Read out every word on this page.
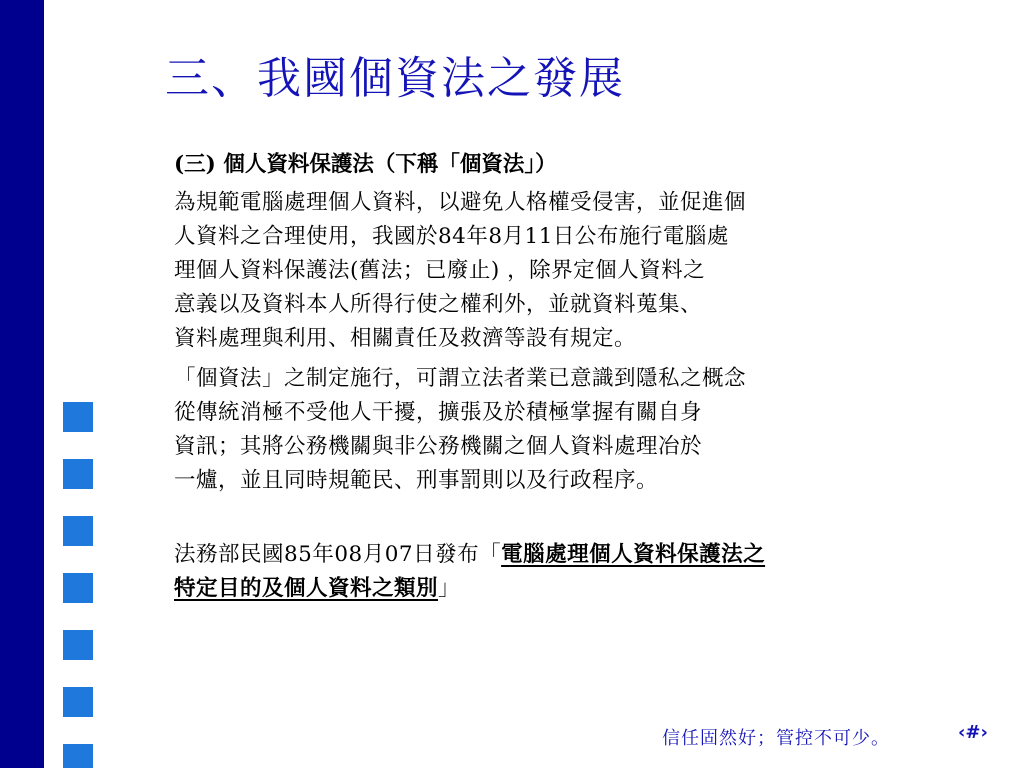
三、我國個資法之發展

(三) 個人資料保護法（下稱「個資法」）

為規範電腦處理個人資料，以避免人格權受侵害，並促進個
人資料之合理使用，我國於84年8月11日公布施行電腦處
理個人資料保護法(舊法；已廢止) ，除界定個人資料之
意義以及資料本人所得行使之權利外，並就資料蒐集、
資料處理與利用、相關責任及救濟等設有規定。

「個資法」之制定施行，可謂立法者業已意識到隱私之概念
從傳統消極不受他人干擾，擴張及於積極掌握有關自身
資訊；其將公務機關與非公務機關之個人資料處理冶於
一爐，並且同時規範民、刑事罰則以及行政程序。

法務部民國85年08月07日發布「電腦處理個人資料保護法之
特定目的及個人資料之類別」

信任固然好；管控不可少。	‹#›
